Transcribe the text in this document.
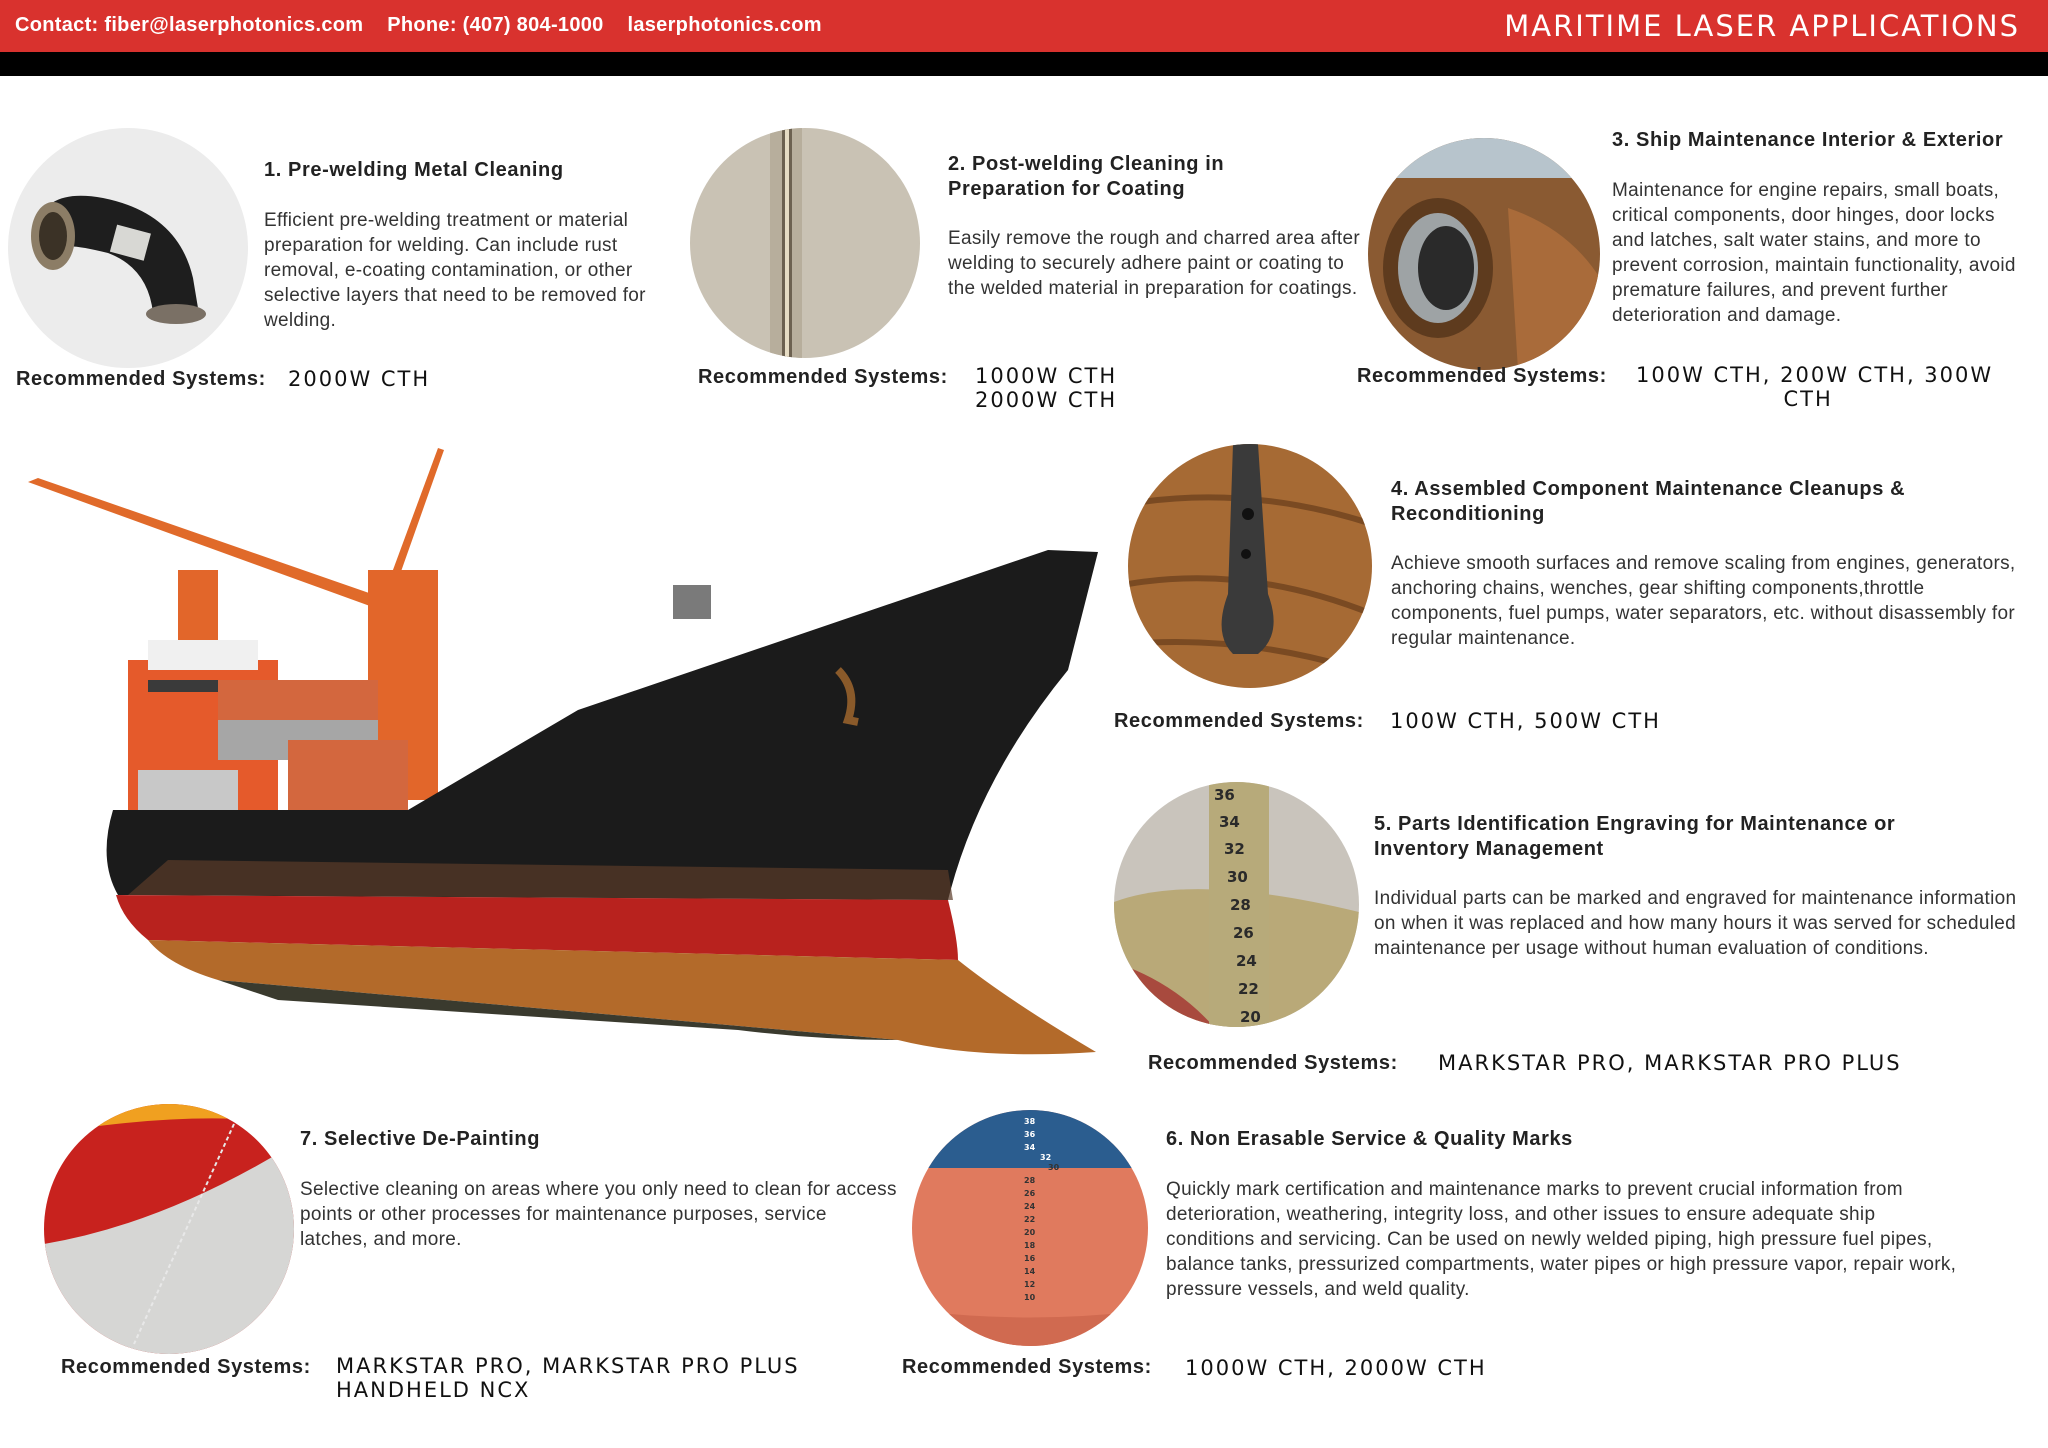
Contact: fiber@laserphotonics.com Phone: (407) 804-1000 laserphotonics.com	MARITIME LASER APPLICATIONS
1. Pre-welding Metal Cleaning
Efficient pre-welding treatment or material preparation for welding. Can include rust removal, e-coating contamination, or other selective layers that need to be removed for welding.
Recommended Systems: 2000W CTH
2. Post-welding Cleaning in Preparation for Coating
Easily remove the rough and charred area after welding to securely adhere paint or coating to the welded material in preparation for coatings.
Recommended Systems: 1000W CTH
2000W CTH
3. Ship Maintenance Interior & Exterior
Maintenance for engine repairs, small boats, critical components, door hinges, door locks and latches, salt water stains, and more to prevent corrosion, maintain functionality, avoid premature failures, and prevent further deterioration and damage.
Recommended Systems: 100W CTH, 200W CTH, 300W
CTH
4. Assembled Component Maintenance Cleanups & Reconditioning
Achieve smooth surfaces and remove scaling from engines, generators, anchoring chains, wenches, gear shifting components,throttle components, fuel pumps, water separators, etc. without disassembly for regular maintenance.
Recommended Systems: 100W CTH, 500W CTH
36
34
32
30
28
26
24
22
20
5. Parts Identification Engraving for Maintenance or Inventory Management
Individual parts can be marked and engraved for maintenance information on when it was replaced and how many hours it was served for scheduled maintenance per usage without human evaluation of conditions.
Recommended Systems: MARKSTAR PRO, MARKSTAR PRO PLUS
38
36
34
32
30
28
26
24
22
20
18
16
14
12
10
6. Non Erasable Service & Quality Marks
Quickly mark certification and maintenance marks to prevent crucial information from deterioration, weathering, integrity loss, and other issues to ensure adequate ship conditions and servicing. Can be used on newly welded piping, high pressure fuel pipes, balance tanks, pressurized compartments, water pipes or high pressure vapor, repair work, pressure vessels, and weld quality.
Recommended Systems: 1000W CTH, 2000W CTH
7. Selective De-Painting
Selective cleaning on areas where you only need to clean for access points or other processes for maintenance purposes, service latches, and more.
Recommended Systems: MARKSTAR PRO, MARKSTAR PRO PLUS
HANDHELD NCX
